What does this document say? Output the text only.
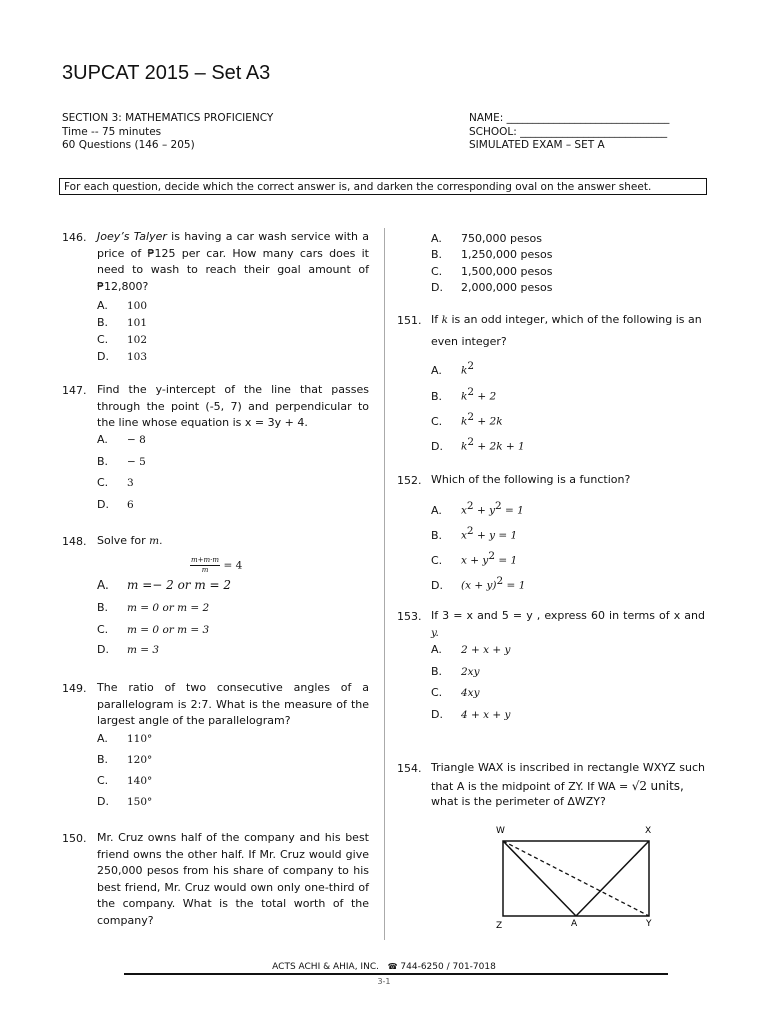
3UPCAT 2015 – Set A3
SECTION 3: MATHEMATICS PROFICIENCY
Time -- 75 minutes
60 Questions (146 – 205)
NAME: _______________________________
SCHOOL: ____________________________
SIMULATED EXAM – SET A
For each question, decide which the correct answer is, and darken the corresponding oval on the answer sheet.
146. Joey’s Talyer is having a car wash service with a
price of ₱125 per car. How many cars does it
need to wash to reach their goal amount of
₱12,800?
A. 100
B. 101
C. 102
D. 103
147. Find the y-intercept of the line that passes through the point (-5, 7) and perpendicular to the line whose equation is x = 3y + 4.
A. − 8
B. − 5
C. 3
D. 6
148. Solve for m.
$\frac{m+m\cdot m}{m} = 4$
A. m =− 2 or m = 2
B. m = 0 or m = 2
C. m = 0 or m = 3
D. m = 3
149. The ratio of two consecutive angles of a parallelogram is 2:7. What is the measure of the largest angle of the parallelogram?
A. 110°
B. 120°
C. 140°
D. 150°
150. Mr. Cruz owns half of the company and his best friend owns the other half. If Mr. Cruz would give 250,000 pesos from his share of company to his best friend, Mr. Cruz would own only one-third of the company. What is the total worth of the company?
A. 750,000 pesos
B. 1,250,000 pesos
C. 1,500,000 pesos
D. 2,000,000 pesos
151. If k is an odd integer, which of the following is an
even integer?
A. $k^2$
B. $k^2 + 2$
C. $k^2 + 2k$
D. $k^2 + 2k + 1$
152. Which of the following is a function?
A. $x^2 + y^2 = 1$
B. $x^2 + y = 1$
C. $x + y^2 = 1$
D. $(x + y)^2 = 1$
153. If 3 = x and 5 = y , express 60 in terms of x and
y.
A. 2 + x + y
B. 2xy
C. 4xy
D. 4 + x + y
154. Triangle WAX is inscribed in rectangle WXYZ such
that A is the midpoint of ZY. If WA = √2 units,
what is the perimeter of ΔWZY?
W	X
Z	A	Y
ACTS ACHI & AHIA, INC. ☎ 744-6250 / 701-7018
3-1
